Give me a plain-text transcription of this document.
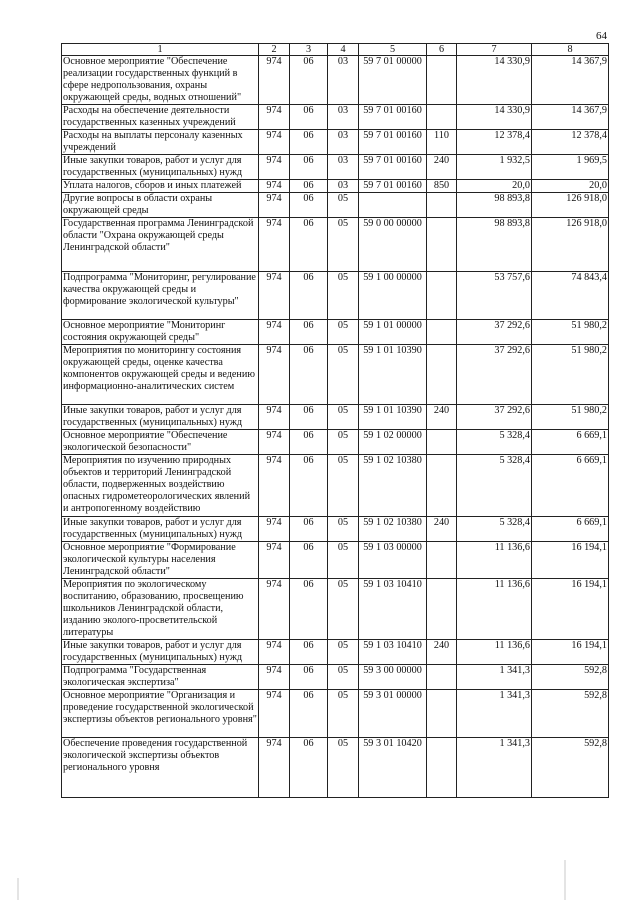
64
1	2	3	4	5	6	7	8
Основное мероприятие "Обеспечение реализации государственных функций в сфере недропользования, охраны окружающей среды, водных отношений"	974	06	03	59 7 01 00000		14 330,9	14 367,9
Расходы на обеспечение деятельности государственных казенных учреждений	974	06	03	59 7 01 00160		14 330,9	14 367,9
Расходы на выплаты персоналу казенных учреждений	974	06	03	59 7 01 00160	110	12 378,4	12 378,4
Иные закупки товаров, работ и услуг для государственных (муниципальных) нужд	974	06	03	59 7 01 00160	240	1 932,5	1 969,5
Уплата налогов, сборов и иных платежей	974	06	03	59 7 01 00160	850	20,0	20,0
Другие вопросы в области охраны окружающей среды	974	06	05			98 893,8	126 918,0
Государственная программа Ленинградской области "Охрана окружающей среды Ленинградской области"	974	06	05	59 0 00 00000		98 893,8	126 918,0
Подпрограмма "Мониторинг, регулирование качества окружающей среды и формирование экологической культуры"	974	06	05	59 1 00 00000		53 757,6	74 843,4
Основное мероприятие "Мониторинг состояния окружающей среды"	974	06	05	59 1 01 00000		37 292,6	51 980,2
Мероприятия по мониторингу состояния окружающей среды, оценке качества компонентов окружающей среды и ведению информационно-аналитических систем	974	06	05	59 1 01 10390		37 292,6	51 980,2
Иные закупки товаров, работ и услуг для государственных (муниципальных) нужд	974	06	05	59 1 01 10390	240	37 292,6	51 980,2
Основное мероприятие "Обеспечение экологической безопасности"	974	06	05	59 1 02 00000		5 328,4	6 669,1
Мероприятия по изучению природных объектов и территорий Ленинградской области, подверженных воздействию опасных гидрометеорологических явлений и антропогенному воздействию	974	06	05	59 1 02 10380		5 328,4	6 669,1
Иные закупки товаров, работ и услуг для государственных (муниципальных) нужд	974	06	05	59 1 02 10380	240	5 328,4	6 669,1
Основное мероприятие "Формирование экологической культуры населения Ленинградской области"	974	06	05	59 1 03 00000		11 136,6	16 194,1
Мероприятия по экологическому воспитанию, образованию, просвещению школьников Ленинградской области, изданию эколого-просветительской литературы	974	06	05	59 1 03 10410		11 136,6	16 194,1
Иные закупки товаров, работ и услуг для государственных (муниципальных) нужд	974	06	05	59 1 03 10410	240	11 136,6	16 194,1
Подпрограмма "Государственная экологическая экспертиза"	974	06	05	59 3 00 00000		1 341,3	592,8
Основное мероприятие "Организация и проведение государственной экологической экспертизы объектов регионального уровня"	974	06	05	59 3 01 00000		1 341,3	592,8
Обеспечение проведения государственной экологической экспертизы объектов регионального уровня	974	06	05	59 3 01 10420		1 341,3	592,8
